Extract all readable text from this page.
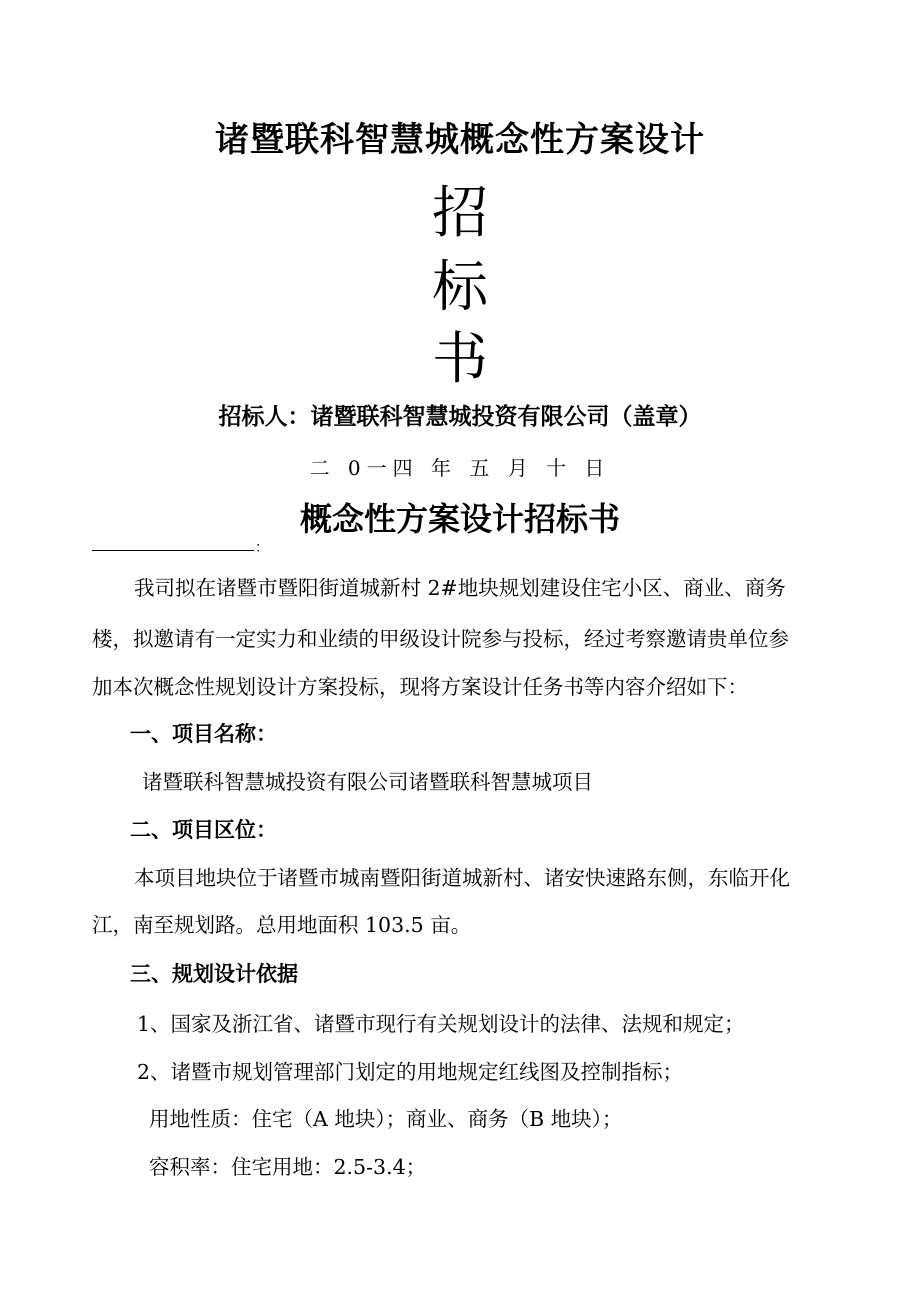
诸暨联科智慧城概念性方案设计
招
标
书
招标人：诸暨联科智慧城投资有限公司（盖章）
二 0一四 年 五 月 十 日
概念性方案设计招标书
：
我司拟在诸暨市暨阳街道城新村 2#地块规划建设住宅小区、商业、商务
楼，拟邀请有一定实力和业绩的甲级设计院参与投标，经过考察邀请贵单位参
加本次概念性规划设计方案投标，现将方案设计任务书等内容介绍如下：
一、项目名称：
诸暨联科智慧城投资有限公司诸暨联科智慧城项目
二、项目区位：
本项目地块位于诸暨市城南暨阳街道城新村、诸安快速路东侧，东临开化
江，南至规划路。总用地面积 103.5 亩。
三、规划设计依据
1、国家及浙江省、诸暨市现行有关规划设计的法律、法规和规定；
2、诸暨市规划管理部门划定的用地规定红线图及控制指标；
用地性质：住宅（A 地块）；商业、商务（B 地块）；
容积率：住宅用地：2.5-3.4；
